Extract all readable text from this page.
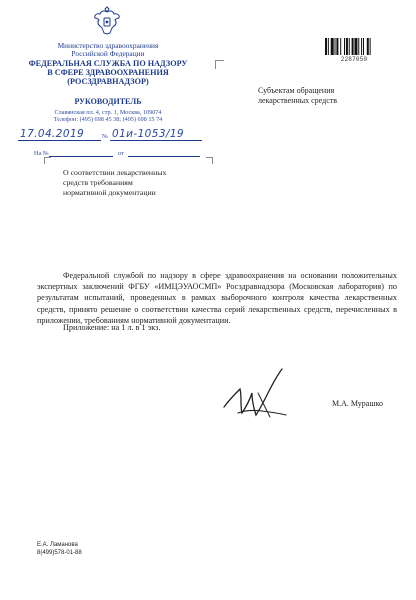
Министерство здравоохранения
Российской Федерации
ФЕДЕРАЛЬНАЯ СЛУЖБА ПО НАДЗОРУ
В СФЕРЕ ЗДРАВООХРАНЕНИЯ
(РОСЗДРАВНАДЗОР)
РУКОВОДИТЕЛЬ
Славянская пл. 4, стр. 1, Москва, 109074
Телефон: (495) 698 45 38; (495) 698 15 74
17.04.2019	№ 01и-1053/19
На №	от
О соответствии лекарственных
средств требованиям
нормативной документации
Субъектам обращения
лекарственных средств
2287050
Федеральной службой по надзору в сфере здравоохранения на основании положительных экспертных заключений ФГБУ «ИМЦЭУАОСМП» Росздравнадзора (Московская лаборатория) по результатам испытаний, проведенных в рамках выборочного контроля качества лекарственных средств, принято решение о соответствии качества серий лекарственных средств, перечисленных в приложении, требованиям нормативной документации.
Приложение: на 1 л. в 1 экз.
М.А. Мурашко
Е.А. Ламанова
8(499)578-01-88
